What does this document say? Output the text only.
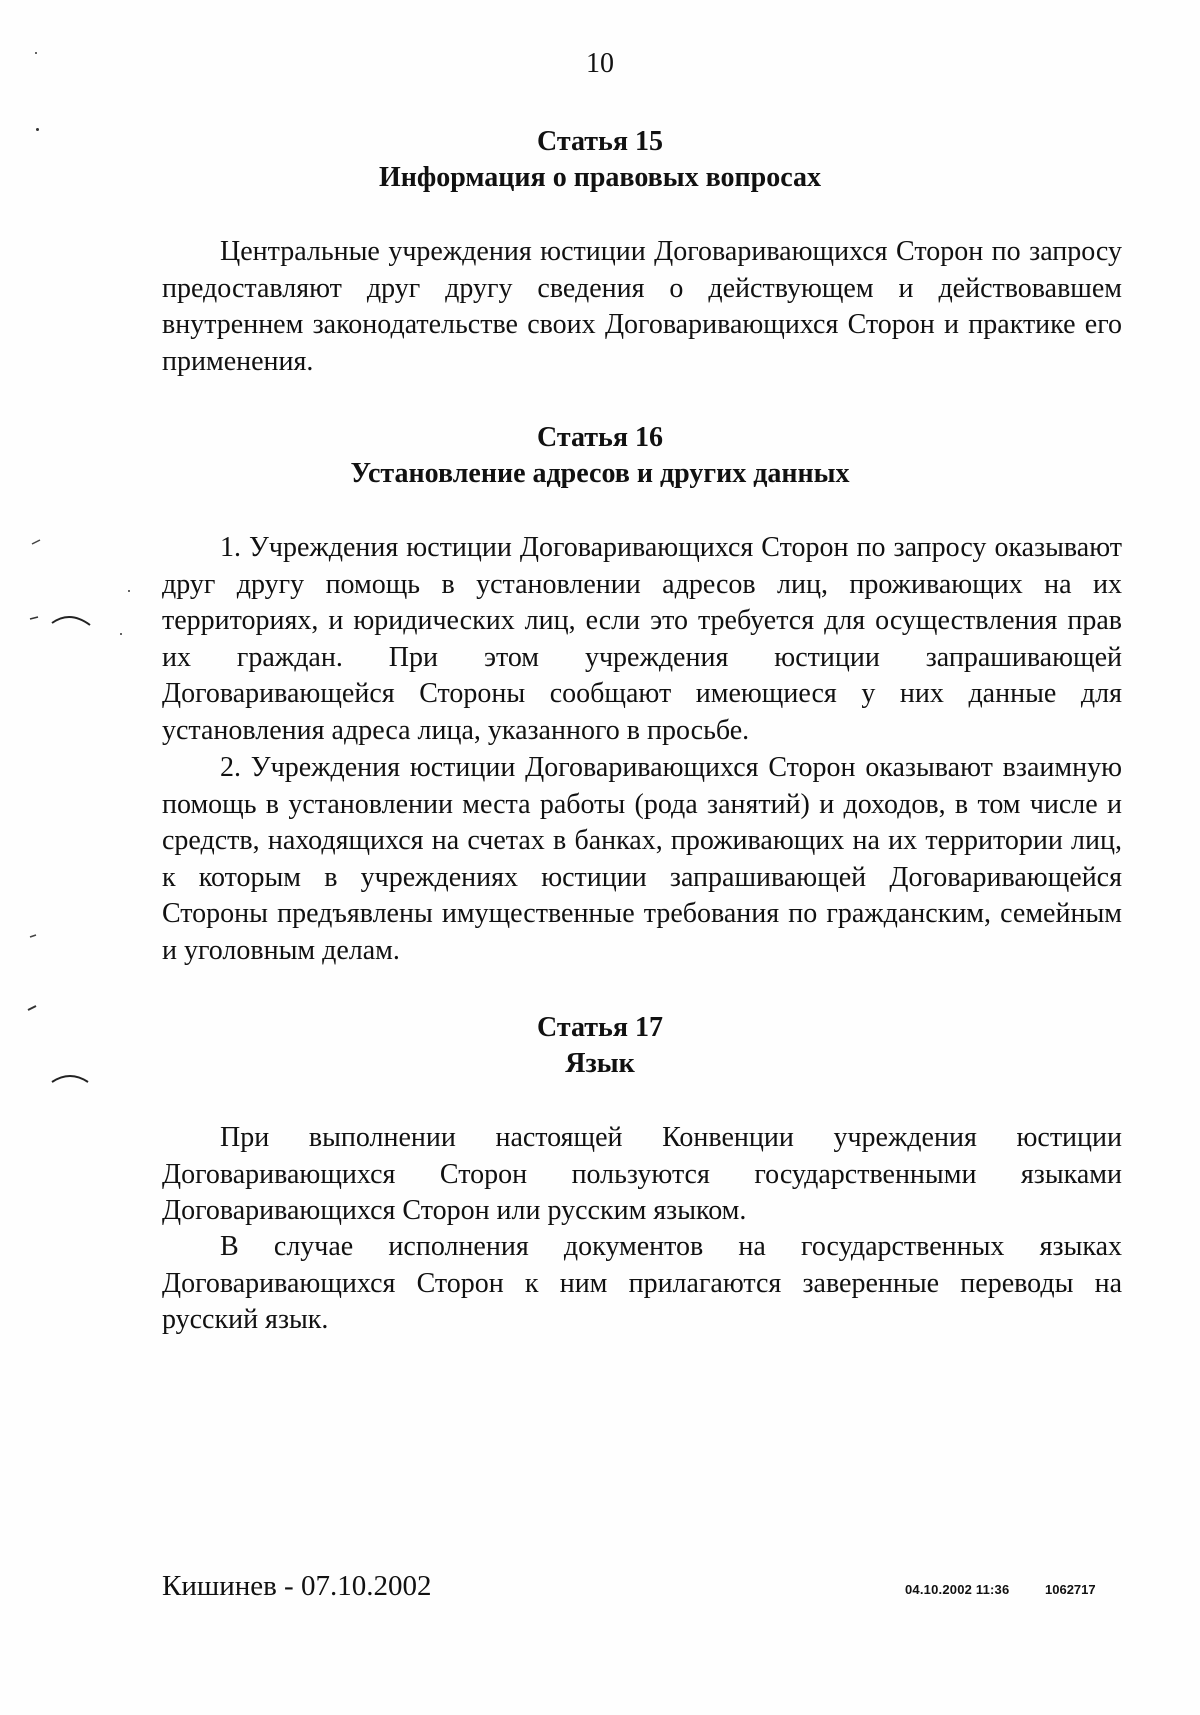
10
Статья 15
Информация о правовых вопросах

Центральные учреждения юстиции Договаривающихся Сторон по запросу предоставляют друг другу сведения о действующем и действовавшем внутреннем законодательстве своих Договаривающихся Сторон и практике его применения.

Статья 16
Установление адресов и других данных

1. Учреждения юстиции Договаривающихся Сторон по запросу оказывают друг другу помощь в установлении адресов лиц, проживающих на их территориях, и юридических лиц, если это требуется для осуществления прав их граждан. При этом учреждения юстиции запрашивающей Договаривающейся Стороны сообщают имеющиеся у них данные для установления адреса лица, указанного в просьбе.

2. Учреждения юстиции Договаривающихся Сторон оказывают взаимную помощь в установлении места работы (рода занятий) и доходов, в том числе и средств, находящихся на счетах в банках, проживающих на их территории лиц, к которым в учреждениях юстиции запрашивающей Договаривающейся Стороны предъявлены имущественные требования по гражданским, семейным и уголовным делам.

Статья 17
Язык

При выполнении настоящей Конвенции учреждения юстиции Договаривающихся Сторон пользуются государственными языками Договаривающихся Сторон или русским языком.

В случае исполнения документов на государственных языках Договаривающихся Сторон к ним прилагаются заверенные переводы на русский язык.

Кишинев - 07.10.2002	04.10.2002 11:36	1062717
